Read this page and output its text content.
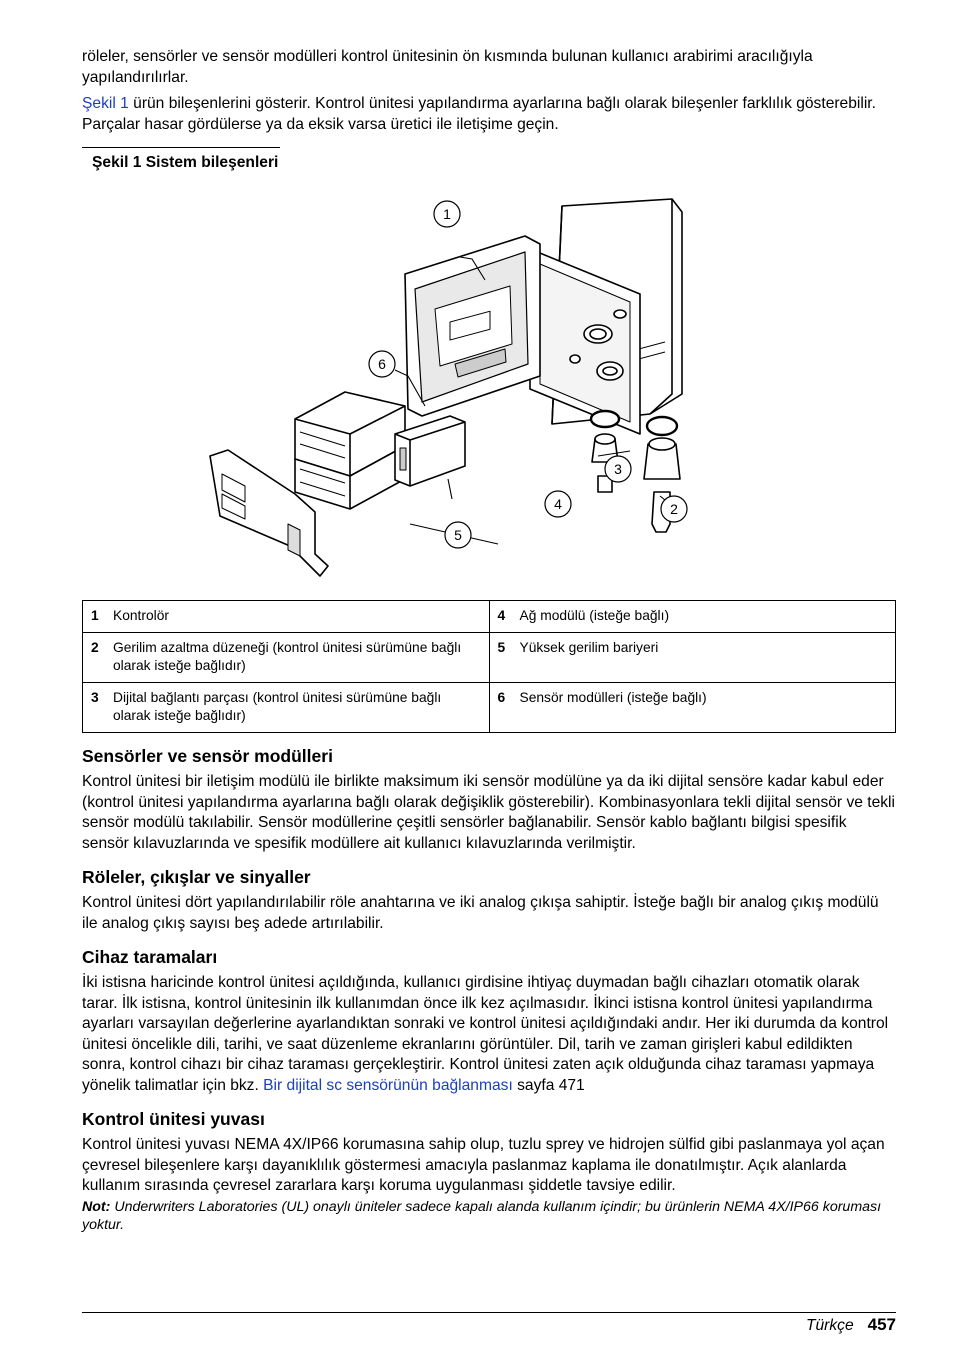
röleler, sensörler ve sensör modülleri kontrol ünitesinin ön kısmında bulunan kullanıcı arabirimi aracılığıyla yapılandırılırlar.

Şekil 1 ürün bileşenlerini gösterir. Kontrol ünitesi yapılandırma ayarlarına bağlı olarak bileşenler farklılık gösterebilir. Parçalar hasar gördülerse ya da eksik varsa üretici ile iletişime geçin.

Şekil 1 Sistem bileşenleri
1
6
3
4	2
5
1 Kontrolör	4 Ağ modülü (isteğe bağlı)
2 Gerilim azaltma düzeneği (kontrol ünitesi sürümüne bağlı olarak isteğe bağlıdır)	5 Yüksek gerilim bariyeri
3 Dijital bağlantı parçası (kontrol ünitesi sürümüne bağlı olarak isteğe bağlıdır)	6 Sensör modülleri (isteğe bağlı)
Sensörler ve sensör modülleri

Kontrol ünitesi bir iletişim modülü ile birlikte maksimum iki sensör modülüne ya da iki dijital sensöre kadar kabul eder (kontrol ünitesi yapılandırma ayarlarına bağlı olarak değişiklik gösterebilir). Kombinasyonlara tekli dijital sensör ve tekli sensör modülü takılabilir. Sensör modüllerine çeşitli sensörler bağlanabilir. Sensör kablo bağlantı bilgisi spesifik sensör kılavuzlarında ve spesifik modüllere ait kullanıcı kılavuzlarında verilmiştir.

Röleler, çıkışlar ve sinyaller

Kontrol ünitesi dört yapılandırılabilir röle anahtarına ve iki analog çıkışa sahiptir. İsteğe bağlı bir analog çıkış modülü ile analog çıkış sayısı beş adede artırılabilir.

Cihaz taramaları

İki istisna haricinde kontrol ünitesi açıldığında, kullanıcı girdisine ihtiyaç duymadan bağlı cihazları otomatik olarak tarar. İlk istisna, kontrol ünitesinin ilk kullanımdan önce ilk kez açılmasıdır. İkinci istisna kontrol ünitesi yapılandırma ayarları varsayılan değerlerine ayarlandıktan sonraki ve kontrol ünitesi açıldığındaki andır. Her iki durumda da kontrol ünitesi öncelikle dili, tarihi, ve saat düzenleme ekranlarını görüntüler. Dil, tarih ve zaman girişleri kabul edildikten sonra, kontrol cihazı bir cihaz taraması gerçekleştirir. Kontrol ünitesi zaten açık olduğunda cihaz taraması yapmaya yönelik talimatlar için bkz. Bir dijital sc sensörünün bağlanması sayfa 471

Kontrol ünitesi yuvası

Kontrol ünitesi yuvası NEMA 4X/IP66 korumasına sahip olup, tuzlu sprey ve hidrojen sülfid gibi paslanmaya yol açan çevresel bileşenlere karşı dayanıklılık göstermesi amacıyla paslanmaz kaplama ile donatılmıştır. Açık alanlarda kullanım sırasında çevresel zararlara karşı koruma uygulanması şiddetle tavsiye edilir.

Not: Underwriters Laboratories (UL) onaylı üniteler sadece kapalı alanda kullanım içindir; bu ürünlerin NEMA 4X/IP66 koruması yoktur.

Türkçe 457
